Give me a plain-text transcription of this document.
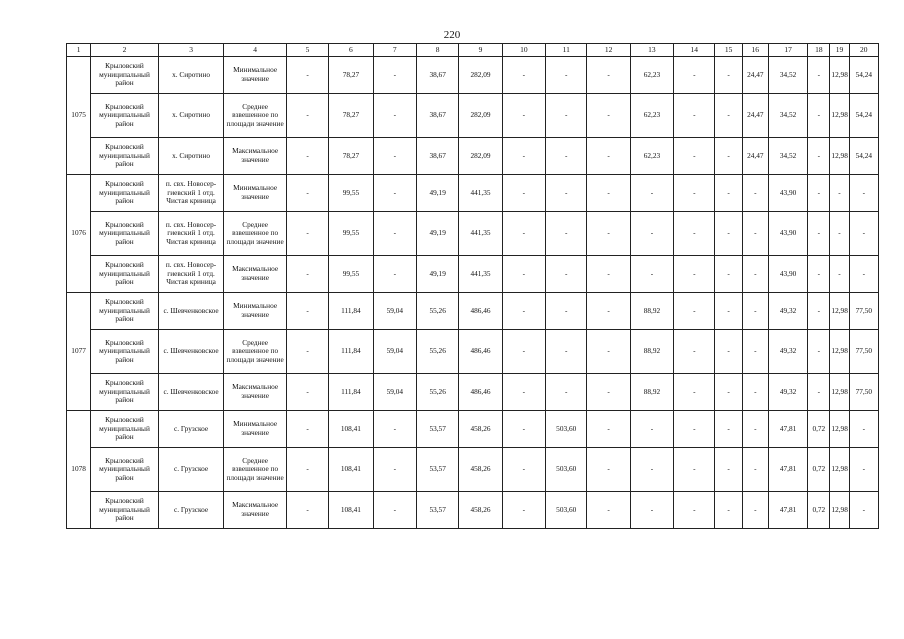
220
1	2	3	4	5	6	7	8	9	10	11	12	13	14	15	16	17	18	19	20
1075	Крыловский муниципальный район	х. Сиротино	Минимальное значение	-	78,27	-	38,67	282,09	-	-	-	62,23	-	-	24,47	34,52	-	12,98	54,24
	Крыловский муниципальный район	х. Сиротино	Среднее взвешенное по площади значение	-	78,27	-	38,67	282,09	-	-	-	62,23	-	-	24,47	34,52	-	12,98	54,24
	Крыловский муниципальный район	х. Сиротино	Максимальное значение	-	78,27	-	38,67	282,09	-	-	-	62,23	-	-	24,47	34,52	-	12,98	54,24
1076	Крыловский муниципальный район	п. свх. Новосер-гиевский 1 отд. Чистая криница	Минимальное значение	-	99,55	-	49,19	441,35	-	-	-	-	-	-	-	43,90	-	-	-
	Крыловский муниципальный район	п. свх. Новосер-гиевский 1 отд. Чистая криница	Среднее взвешенное по площади значение	-	99,55	-	49,19	441,35	-	-	-	-	-	-	-	43,90	-	-	-
	Крыловский муниципальный район	п. свх. Новосер-гиевский 1 отд. Чистая криница	Максимальное значение	-	99,55	-	49,19	441,35	-	-	-	-	-	-	-	43,90	-	-	-
1077	Крыловский муниципальный район	с. Шевченковское	Минимальное значение	-	111,84	59,04	55,26	486,46	-	-	-	88,92	-	-	-	49,32	-	12,98	77,50
	Крыловский муниципальный район	с. Шевченковское	Среднее взвешенное по площади значение	-	111,84	59,04	55,26	486,46	-	-	-	88,92	-	-	-	49,32	-	12,98	77,50
	Крыловский муниципальный район	с. Шевченковское	Максимальное значение	-	111,84	59,04	55,26	486,46	-	-	-	88,92	-	-	-	49,32	-	12,98	77,50
1078	Крыловский муниципальный район	с. Грузское	Минимальное значение	-	108,41	-	53,57	458,26	-	503,60	-	-	-	-	-	47,81	0,72	12,98	-
	Крыловский муниципальный район	с. Грузское	Среднее взвешенное по площади значение	-	108,41	-	53,57	458,26	-	503,60	-	-	-	-	-	47,81	0,72	12,98	-
	Крыловский муниципальный район	с. Грузское	Максимальное значение	-	108,41	-	53,57	458,26	-	503,60	-	-	-	-	-	47,81	0,72	12,98	-
